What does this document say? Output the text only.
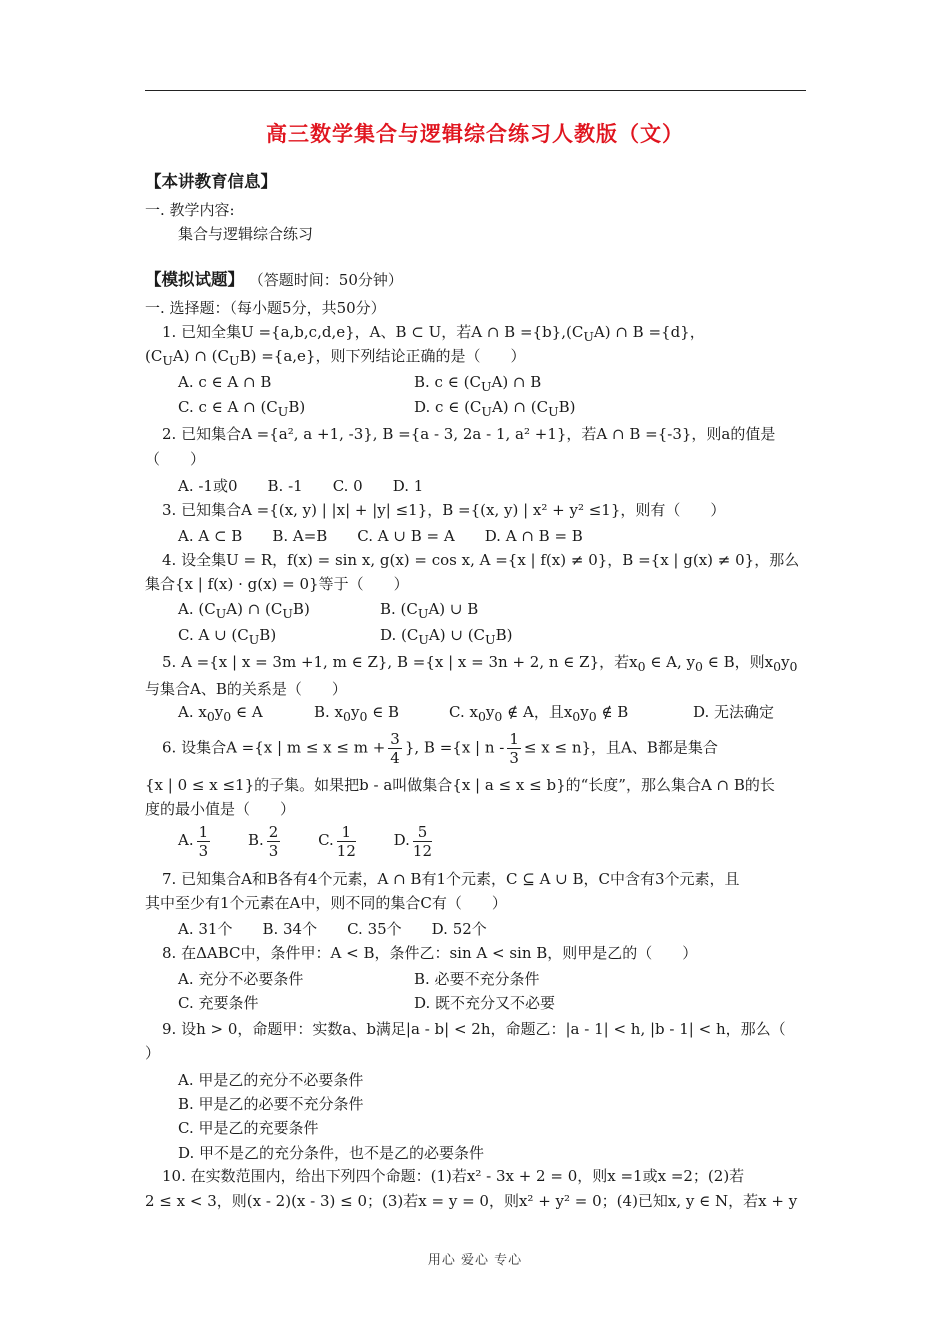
高三数学集合与逻辑综合练习人教版（文）
【本讲教育信息】
一. 教学内容:
集合与逻辑综合练习
【模拟试题】 （答题时间：50分钟）
一. 选择题：（每小题5分，共50分）
1. 已知全集U ={a,b,c,d,e}，A、B ⊂ U，若A ∩ $B =\{b\},(C_UA)$ ∩ B ={d}，
$(C_UA)$ ∩ $(C_UB) =\{a,e\}$，则下列结论正确的是（　　）
A. c ∈ A ∩ B	B. c ∈ $(C_UA)$ ∩ B
C. c ∈ A ∩ $(C_UB)$	D. c ∈ $(C_UA)$ ∩ $(C_UB)$
2. 已知集合A ={a², a +1, -3}, B ={a - 3, 2a - 1, a² +1}，若A ∩ B ={-3}，则a的值是
（　　）
A. -1或0　　B. -1　　C. 0　　D. 1
3. 已知集合A ={(x, y) | |x| + |y| ≤1}，B ={(x, y) | x² + y² ≤1}，则有（　　）
A. A ⊂ B　　B. A=B　　C. A ∪ B = A　　D. A ∩ B = B
4. 设全集U = R，f(x) = sin x, g(x) = cos x, A ={x | f(x) ≠ 0}，B ={x | g(x) ≠ 0}，那么
集合{x | f(x) · g(x) = 0}等于（　　）
A. $(C_UA)$ ∩ $(C_UB)$	B. $(C_UA)$ ∪ B
C. A ∪ $(C_UB)$	D. $(C_UA)$ ∪ $(C_UB)$
5. A ={x | x = 3m +1, m ∈ Z}, B ={x | x = 3n + 2, n ∈ Z}，若$x_0$ ∈ A, $y_0$ ∈ B，则$x_0y_0$
与集合A、B的关系是（　　）
A. $x_0y_0$ ∈ A	B. $x_0y_0$ ∈ B	C. $x_0y_0$ ∉ A，且$x_0y_0$ ∉ B	D. 无法确定
6. 设集合A ={x | $m \le x \le m + \frac{3}{4}$ }, B ={x | $n - \frac{1}{3} \le x \le n$}，且A、B都是集合
{x | 0 ≤ x ≤1}的子集。如果把b - a叫做集合{x | a ≤ x ≤ b}的“长度”，那么集合A ∩ B的长
度的最小值是（　　）
A. $\frac{1}{3}$	B. $\frac{2}{3}$	C. $\frac{1}{12}$	D. $\frac{5}{12}$
7. 已知集合A和B各有4个元素，A ∩ B有1个元素，C ⊆ A ∪ B，C中含有3个元素，且
其中至少有1个元素在A中，则不同的集合C有（　　）
A. 31个　　B. 34个　　C. 35个　　D. 52个
8. 在ΔABC中，条件甲：A < B，条件乙：sin A < sin B，则甲是乙的（　　）
A. 充分不必要条件	B. 必要不充分条件
C. 充要条件	D. 既不充分又不必要
9. 设h > 0，命题甲：实数a、b满足|a - b| < 2h，命题乙：|a - 1| < h, |b - 1| < h，那么（
）
A. 甲是乙的充分不必要条件
B. 甲是乙的必要不充分条件
C. 甲是乙的充要条件
D. 甲不是乙的充分条件，也不是乙的必要条件
10. 在实数范围内，给出下列四个命题：(1)若x² - 3x + 2 = 0，则x =1或x =2；(2)若
2 ≤ x < 3，则(x - 2)(x - 3) ≤ 0；(3)若x = y = 0，则x² + y² = 0；(4)已知x, y ∈ N，若x + y
用心 爱心 专心
